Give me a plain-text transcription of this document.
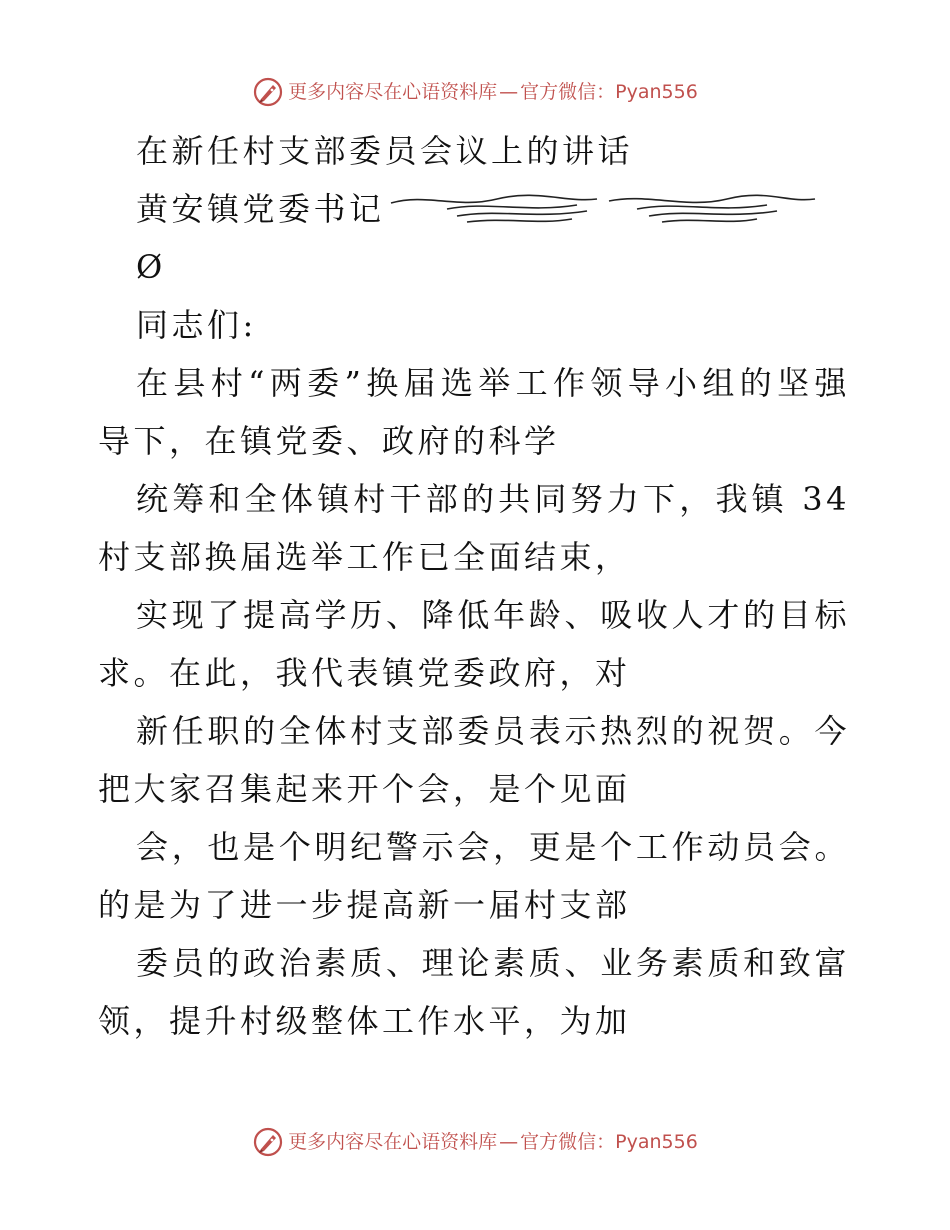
更多内容尽在心语资料库 — 官方微信：Pyan556
在新任村支部委员会议上的讲话
黄安镇党委书记
Ø
同志们:
在县村“两委”换届选举工作领导小组的坚强
导下，在镇党委、政府的科学
统筹和全体镇村干部的共同努力下，我镇 34
村支部换届选举工作已全面结束，
实现了提高学历、降低年龄、吸收人才的目标
求。在此，我代表镇党委政府，对
新任职的全体村支部委员表示热烈的祝贺。今
把大家召集起来开个会，是个见面
会，也是个明纪警示会，更是个工作动员会。
的是为了进一步提高新一届村支部
委员的政治素质、理论素质、业务素质和致富
领，提升村级整体工作水平，为加
更多内容尽在心语资料库 — 官方微信：Pyan556
